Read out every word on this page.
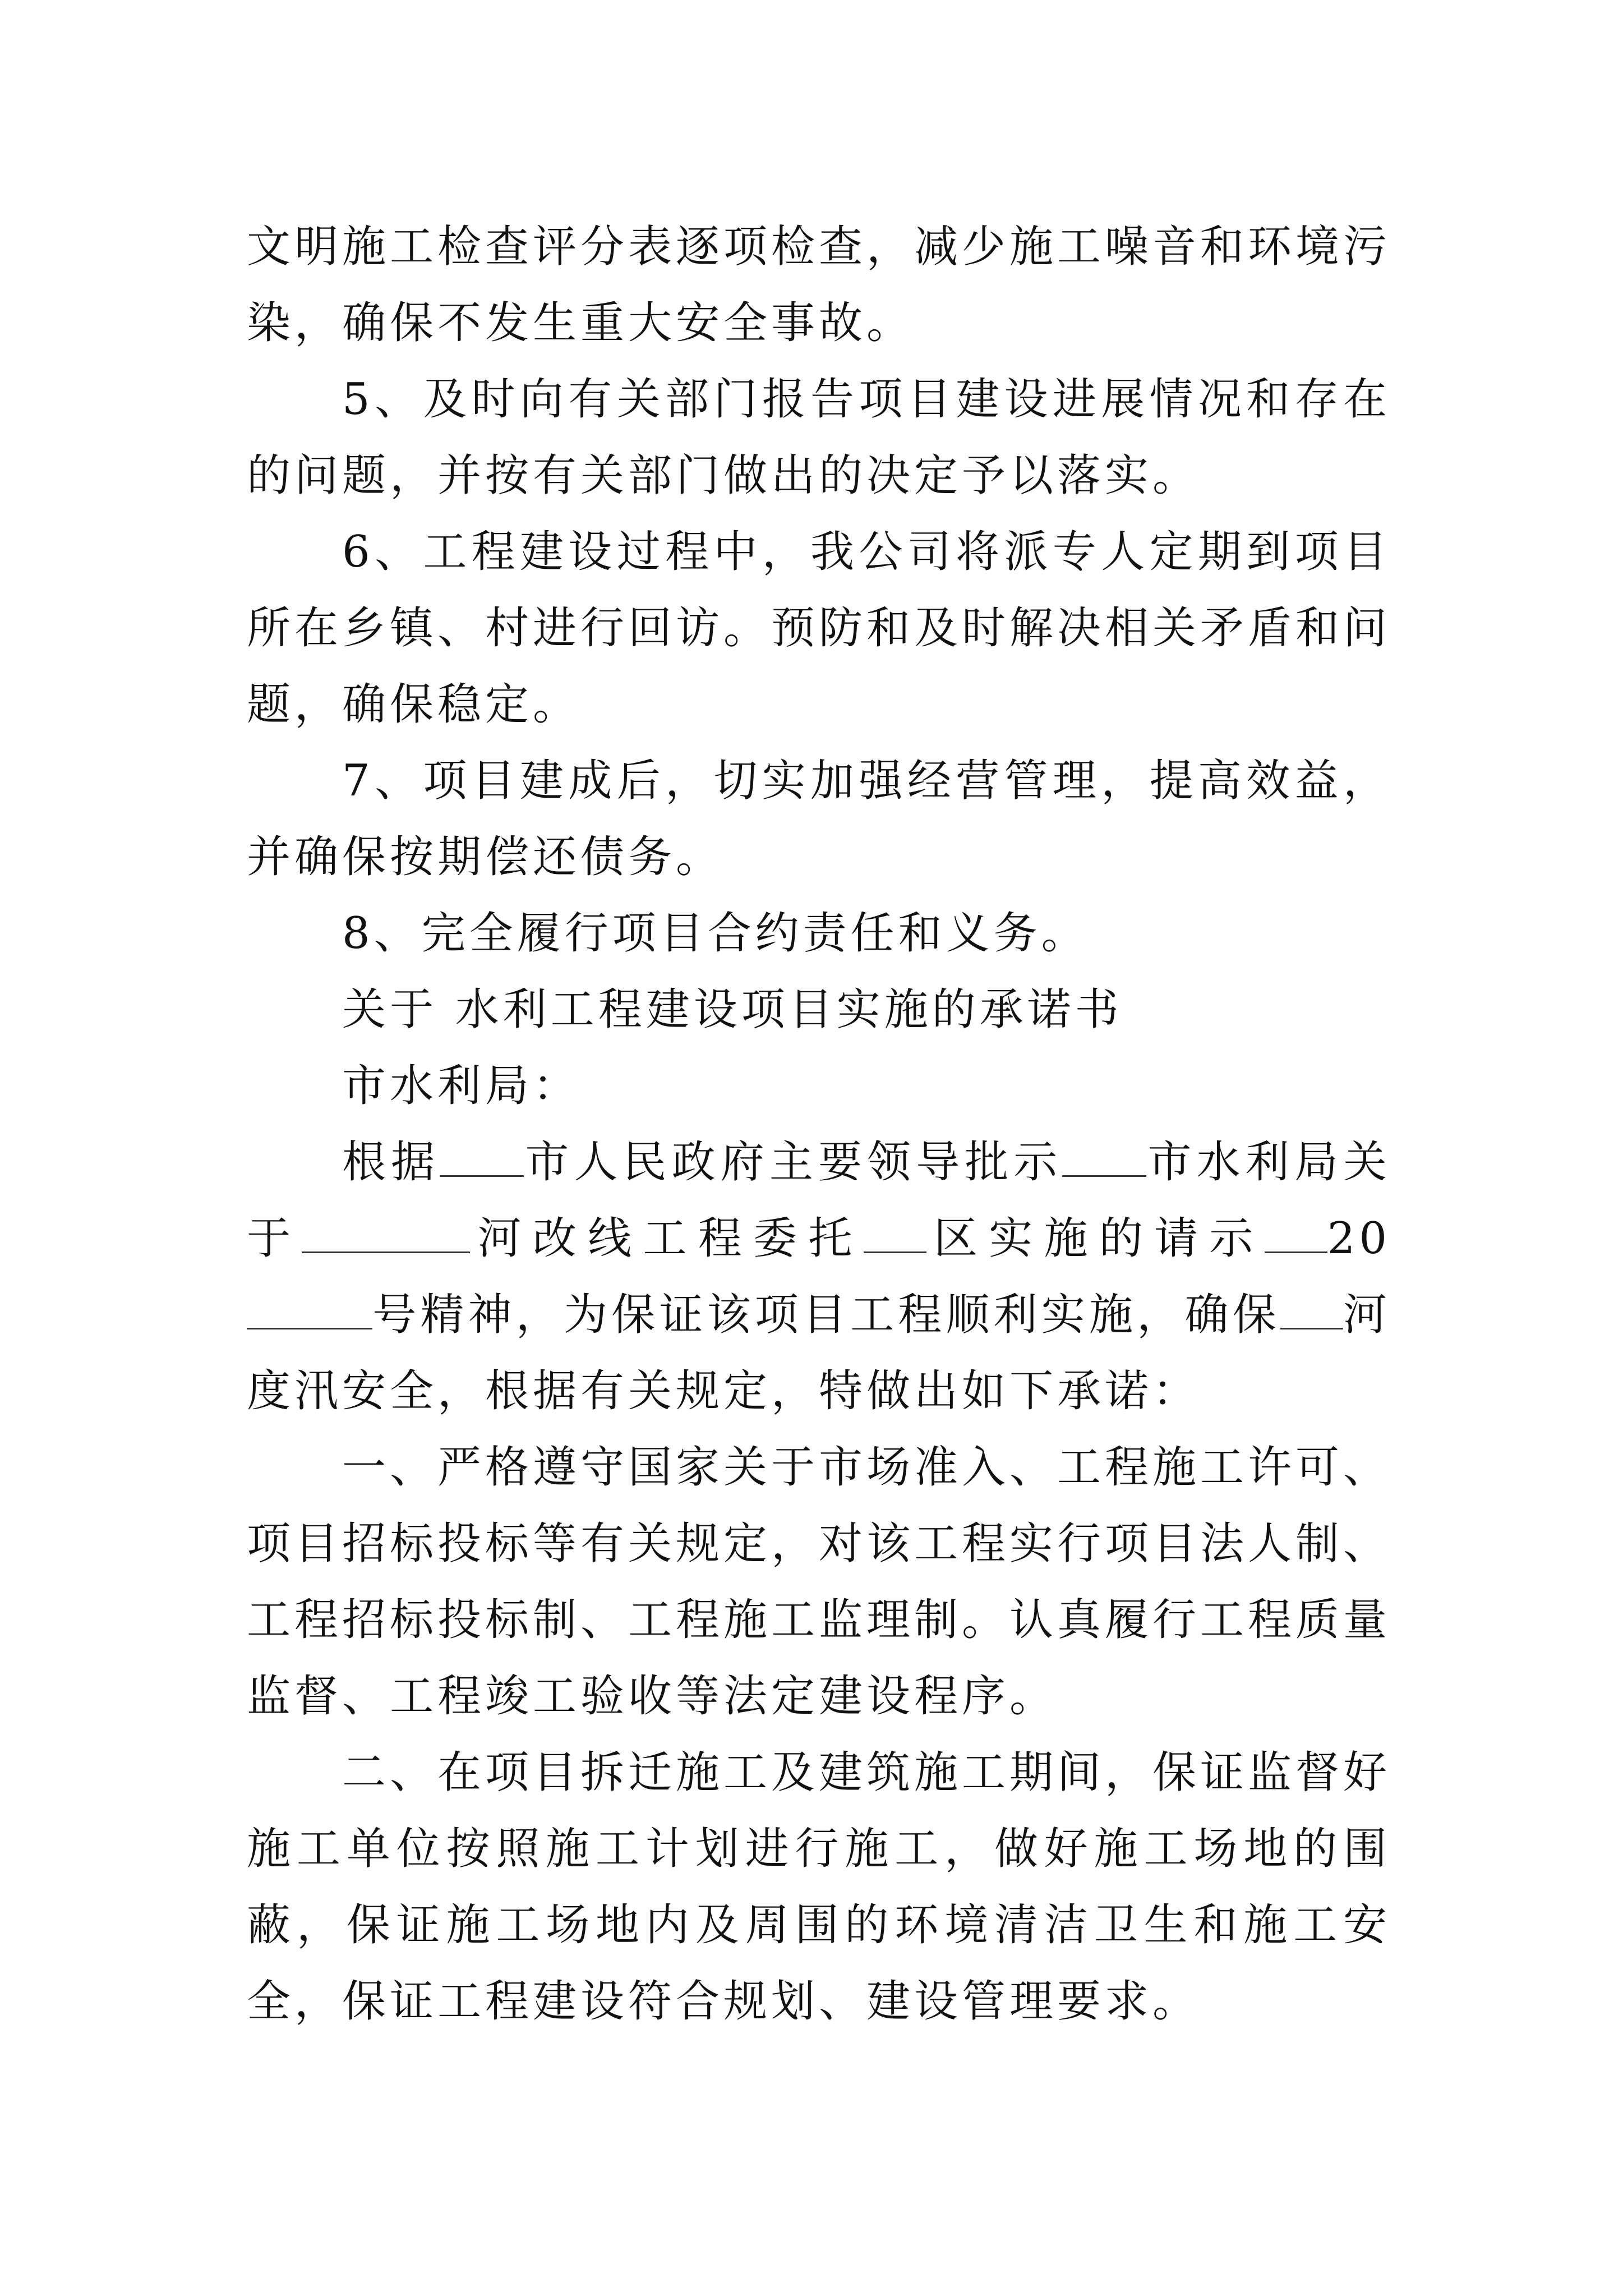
文明施工检查评分表逐项检查，减少施工噪音和环境污染，确保不发生重大安全事故。

5、及时向有关部门报告项目建设进展情况和存在的问题，并按有关部门做出的决定予以落实。

6、工程建设过程中，我公司将派专人定期到项目所在乡镇、村进行回访。预防和及时解决相关矛盾和问题，确保稳定。

7、项目建成后，切实加强经营管理，提高效益，并确保按期偿还债务。

8、完全履行项目合约责任和义务。

关于 水利工程建设项目实施的承诺书

市水利局：

根据 市人民政府主要领导批示 市水利局关于	河改线工程委托 区实施的请示 20号精神，为保证该项目工程顺利实施，确保 河度汛安全，根据有关规定，特做出如下承诺：

一、严格遵守国家关于市场准入、工程施工许可、项目招标投标等有关规定，对该工程实行项目法人制、工程招标投标制、工程施工监理制。认真履行工程质量监督、工程竣工验收等法定建设程序。

二、在项目拆迁施工及建筑施工期间，保证监督好施工单位按照施工计划进行施工，做好施工场地的围蔽，保证施工场地内及周围的环境清洁卫生和施工安全，保证工程建设符合规划、建设管理要求。
